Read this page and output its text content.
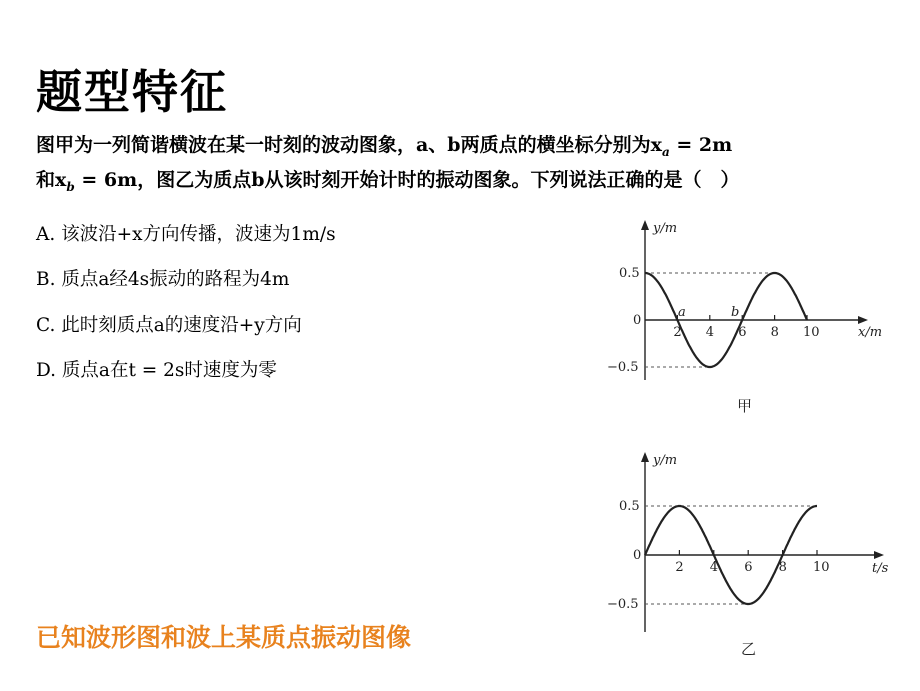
题型特征
图甲为一列简谐横波在某一时刻的波动图象，a、b两质点的横坐标分别为$x_a = 2m$
和$x_b = 6m$，图乙为质点b从该时刻开始计时的振动图象。下列说法正确的是（　）
A. 该波沿+x方向传播，波速为1m/s
B. 质点a经4s振动的路程为4m
C. 此时刻质点a的速度沿+y方向
D. 质点a在t = 2s时速度为零
已知波形图和波上某质点振动图像
y/m
x/m
2 4 6 8 10
0.5
0
−0.5
a	b
甲
y/m
t/s
2 4 6 8 10
0.5
0
−0.5
乙
